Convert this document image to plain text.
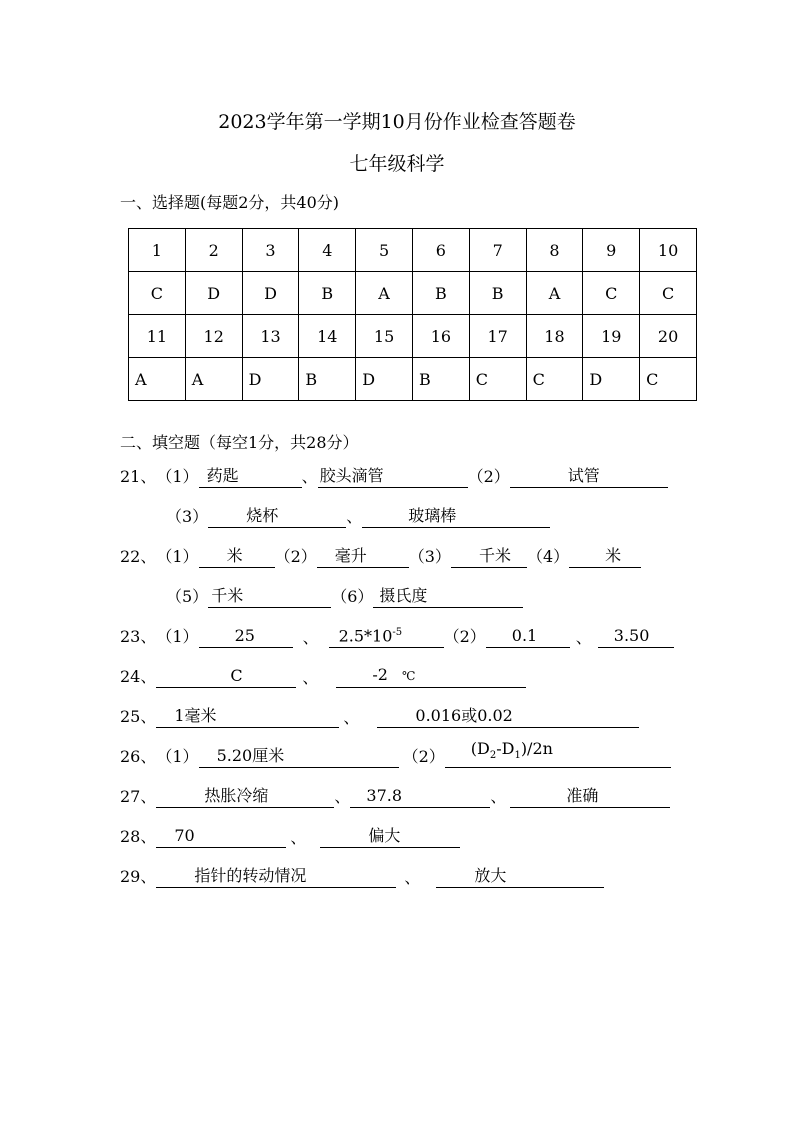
2023学年第一学期10月份作业检查答题卷
七年级科学
一、选择题(每题2分，共40分)
1	2	3	4	5	6	7	8	9	10
C	D	D	B	A	B	B	A	C	C
11	12	13	14	15	16	17	18	19	20
A	A	D	B	D	B	C	C	D	C
二、填空题（每空1分，共28分）
21、 （1） 药匙	、 胶头滴管	（2）	试管
（3）	烧杯	、	玻璃棒
22、 （1）	米	（2）	毫升	（3）	千米 （4）	米
（5） 千米	（6） 摄氏度
23、 （1）	25	、	$2.5*10^{-5}$	（2）	0.1	、	3.50
24、	C	、	-2 ℃
25、	1毫米	、	0.016或0.02
26、 （1）	5.20厘米	（2）	$(D_2-D_1)/2n$
27、	热胀冷缩	、	37.8	、	准确
28、	70	、	偏大
29、	指针的转动情况	、	放大
